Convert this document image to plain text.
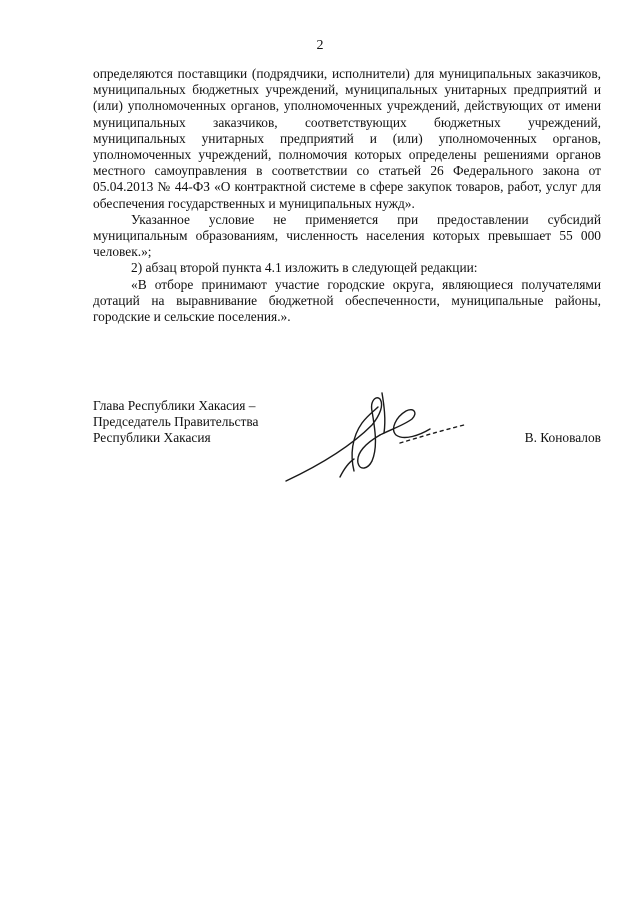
2

определяются поставщики (подрядчики, исполнители) для муниципальных заказчиков, муниципальных бюджетных учреждений, муниципальных унитарных предприятий и (или) уполномоченных органов, уполномоченных учреждений, действующих от имени муниципальных заказчиков, соответствующих бюджетных учреждений, муниципальных унитарных предприятий и (или) уполномоченных органов, уполномоченных учреждений, полномочия которых определены решениями органов местного самоуправления в соответствии со статьей 26 Федерального закона от 05.04.2013 № 44-ФЗ «О контрактной системе в сфере закупок товаров, работ, услуг для обеспечения государственных и муниципальных нужд».

Указанное условие не применяется при предоставлении субсидий муниципальным образованиям, численность населения которых превышает 55 000 человек.»;

2) абзац второй пункта 4.1 изложить в следующей редакции:

«В отборе принимают участие городские округа, являющиеся получателями дотаций на выравнивание бюджетной обеспеченности, муниципальные районы, городские и сельские поселения.».

Глава Республики Хакасия –
Председатель Правительства
Республики Хакасия	В. Коновалов
